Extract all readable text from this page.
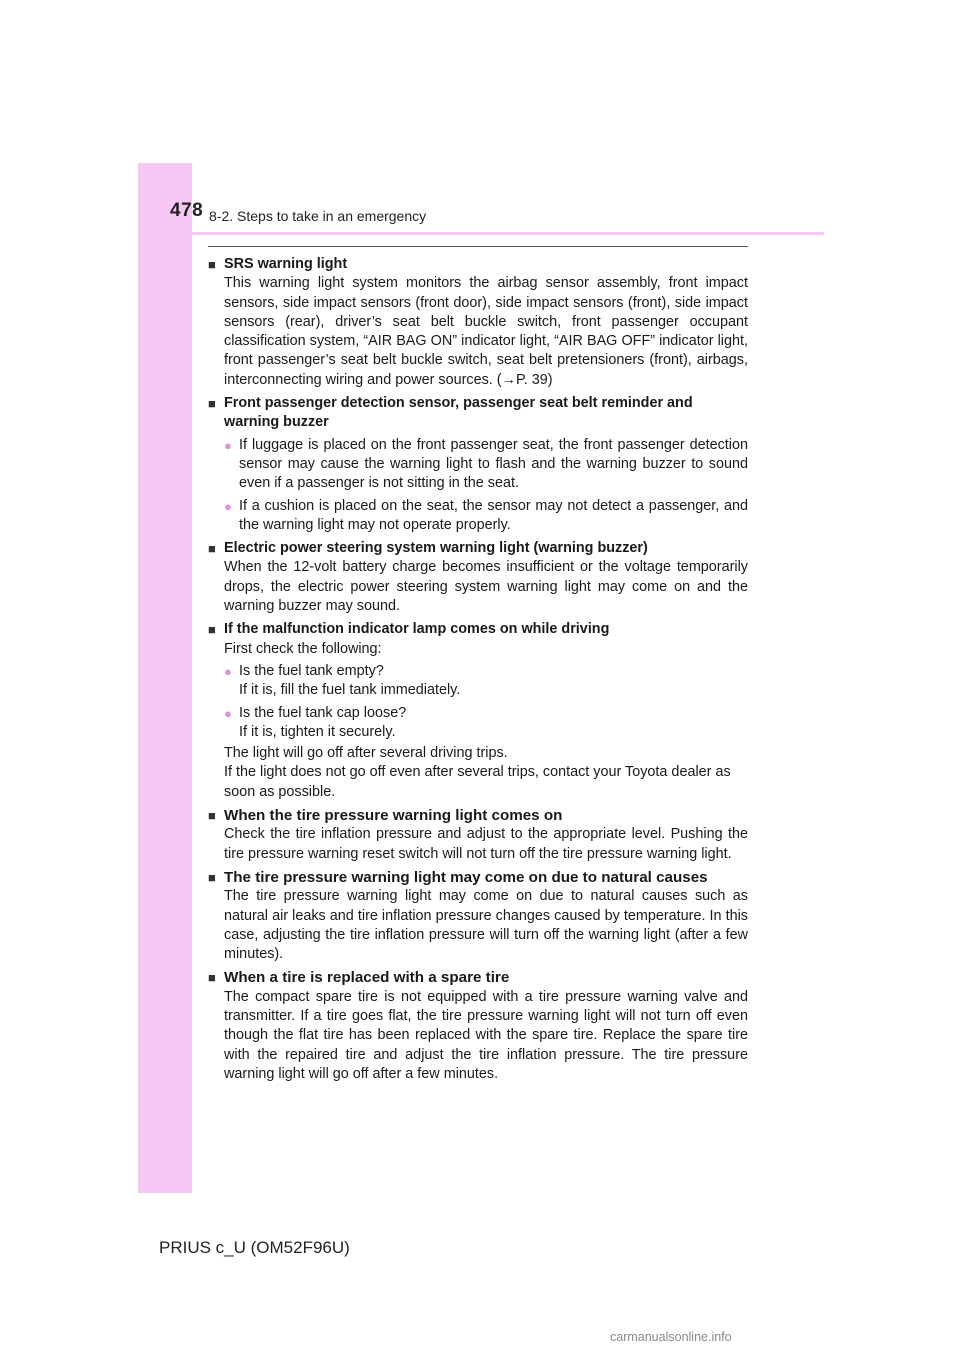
478 8-2. Steps to take in an emergency
■ SRS warning light
This warning light system monitors the airbag sensor assembly, front impact sensors, side impact sensors (front door), side impact sensors (front), side impact sensors (rear), driver’s seat belt buckle switch, front passenger occupant classification system, “AIR BAG ON” indicator light, “AIR BAG OFF” indicator light, front passenger’s seat belt buckle switch, seat belt pretensioners (front), airbags, interconnecting wiring and power sources. (→P. 39)
■ Front passenger detection sensor, passenger seat belt reminder and warning buzzer
● If luggage is placed on the front passenger seat, the front passenger detection sensor may cause the warning light to flash and the warning buzzer to sound even if a passenger is not sitting in the seat.
● If a cushion is placed on the seat, the sensor may not detect a passenger, and the warning light may not operate properly.
■ Electric power steering system warning light (warning buzzer)
When the 12-volt battery charge becomes insufficient or the voltage temporarily drops, the electric power steering system warning light may come on and the warning buzzer may sound.
■ If the malfunction indicator lamp comes on while driving
First check the following:
● Is the fuel tank empty?
If it is, fill the fuel tank immediately.
● Is the fuel tank cap loose?
If it is, tighten it securely.
The light will go off after several driving trips.
If the light does not go off even after several trips, contact your Toyota dealer as soon as possible.
■ When the tire pressure warning light comes on
Check the tire inflation pressure and adjust to the appropriate level. Pushing the tire pressure warning reset switch will not turn off the tire pressure warning light.
■ The tire pressure warning light may come on due to natural causes
The tire pressure warning light may come on due to natural causes such as natural air leaks and tire inflation pressure changes caused by temperature. In this case, adjusting the tire inflation pressure will turn off the warning light (after a few minutes).
■ When a tire is replaced with a spare tire
The compact spare tire is not equipped with a tire pressure warning valve and transmitter. If a tire goes flat, the tire pressure warning light will not turn off even though the flat tire has been replaced with the spare tire. Replace the spare tire with the repaired tire and adjust the tire inflation pressure. The tire pressure warning light will go off after a few minutes.
PRIUS c_U (OM52F96U)
carmanualsonline.info
